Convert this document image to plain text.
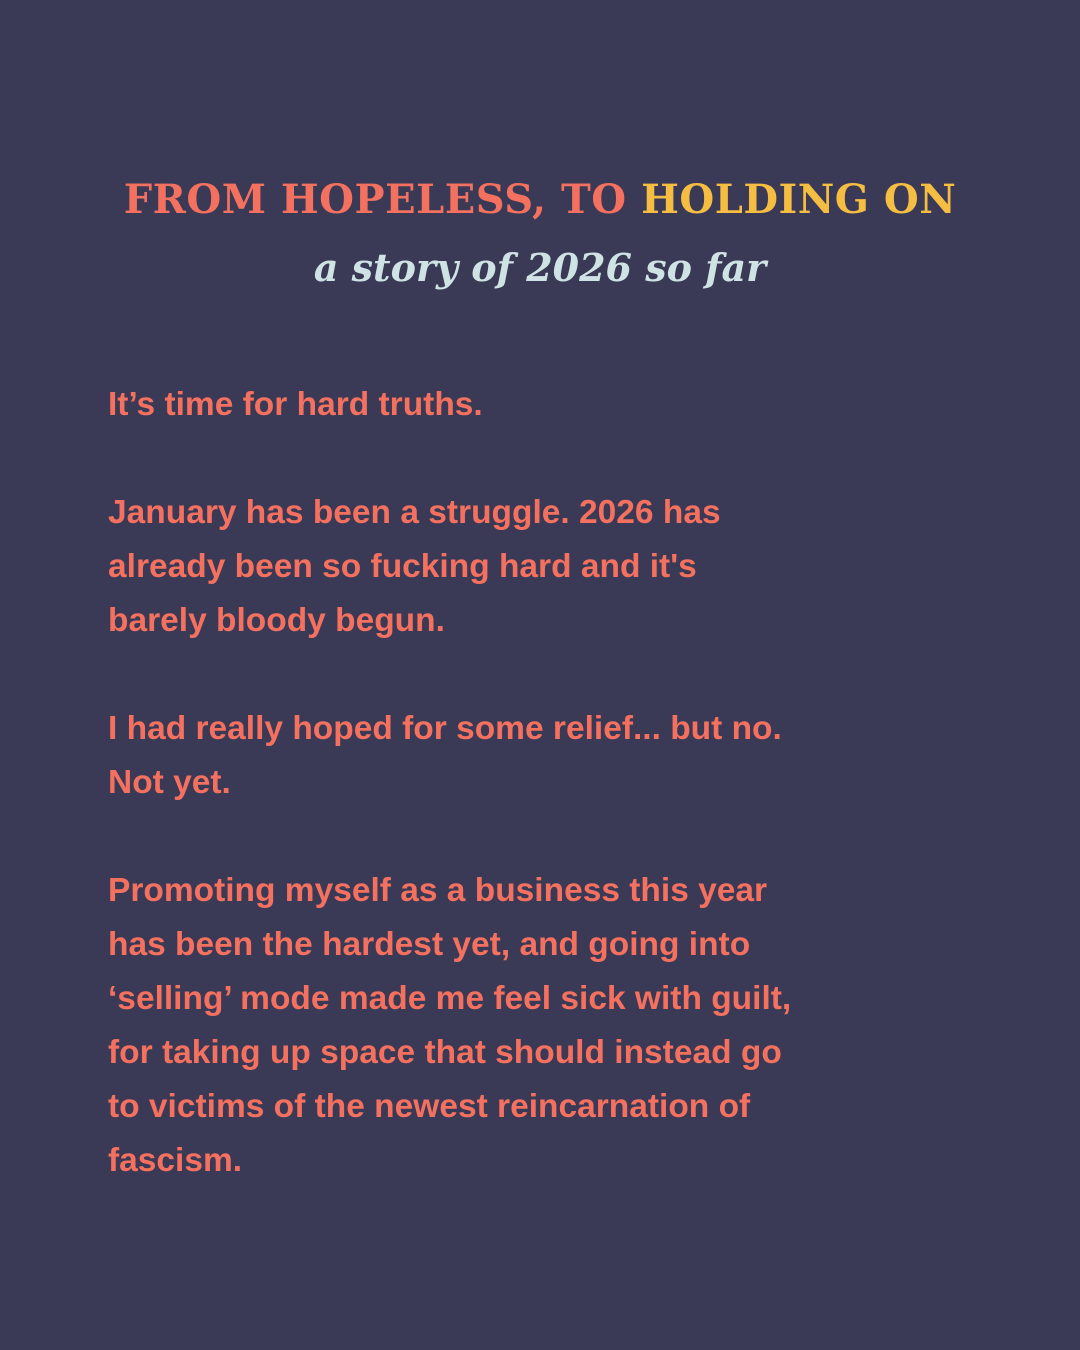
FROM HOPELESS, TO HOLDING ON

a story of 2026 so far

It’s time for hard truths.

January has been a struggle. 2026 has
already been so fucking hard and it's
barely bloody begun.

I had really hoped for some relief... but no.
Not yet.

Promoting myself as a business this year
has been the hardest yet, and going into
‘selling’ mode made me feel sick with guilt,
for taking up space that should instead go
to victims of the newest reincarnation of
fascism.
